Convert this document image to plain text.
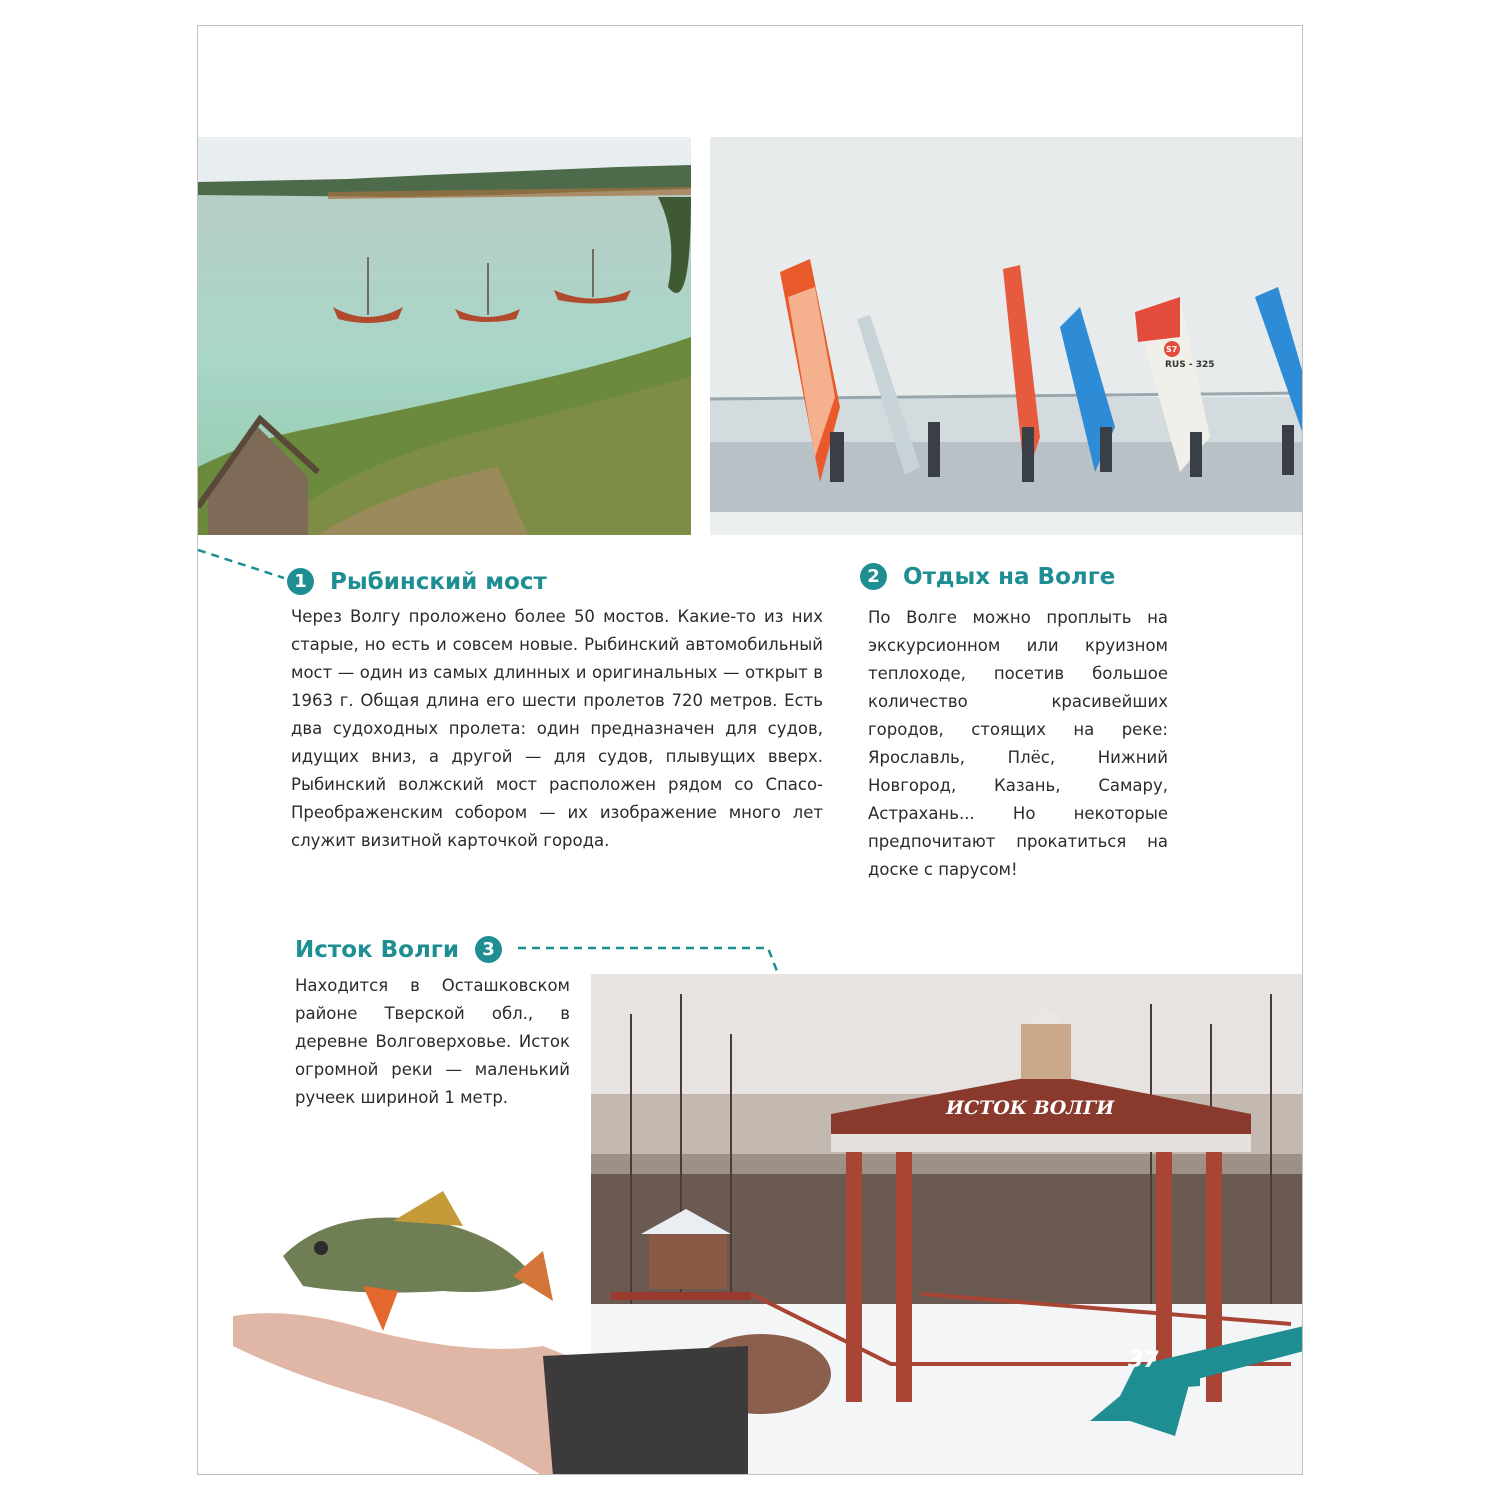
RUS - 325
S7
1 Рыбинский мост

Через Волгу проложено более 50 мостов. Какие-то из них старые, но есть и совсем новые. Рыбинский автомобильный мост — один из самых длинных и оригинальных — открыт в 1963 г. Общая длина его шести пролетов 720 метров. Есть два судоходных пролета: один предназначен для судов, идущих вниз, а другой — для судов, плывущих вверх. Рыбинский волжский мост расположен рядом со Спасо-Преображенским собором — их изображение много лет служит визитной карточкой города.

2 Отдых на Волге

По Волге можно проплыть на экскурсионном или круизном теплоходе, посетив большое количество красивейших городов, стоящих на реке: Ярославль, Плёс, Нижний Новгород, Казань, Самару, Астрахань... Но некоторые предпочитают прокатиться на доске с парусом!

Исток Волги 3

Находится в Осташковском районе Тверской обл., в деревне Волговерховье. Исток огромной реки — маленький ручеек шириной 1 метр.	ИСТОК ВОЛГИ
37
